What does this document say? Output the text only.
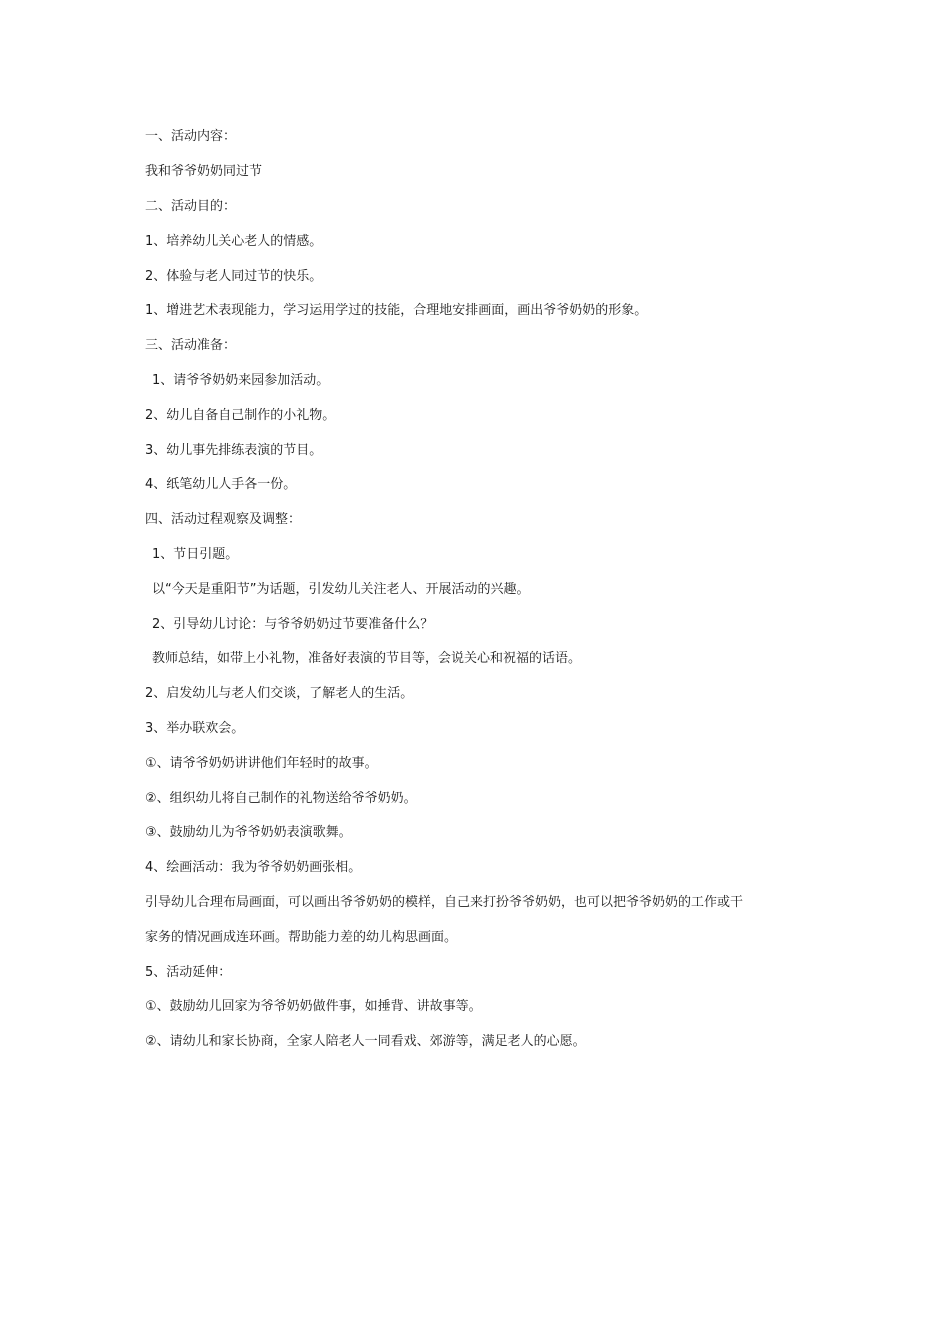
一、活动内容：

我和爷爷奶奶同过节

二、活动目的：

1、培养幼儿关心老人的情感。

2、体验与老人同过节的快乐。

1、增进艺术表现能力，学习运用学过的技能，合理地安排画面，画出爷爷奶奶的形象。

三、活动准备：

1、请爷爷奶奶来园参加活动。

2、幼儿自备自己制作的小礼物。

3、幼儿事先排练表演的节目。

4、纸笔幼儿人手各一份。

四、活动过程观察及调整：

1、节日引题。

以“今天是重阳节”为话题，引发幼儿关注老人、开展活动的兴趣。

2、引导幼儿讨论：与爷爷奶奶过节要准备什么？

教师总结，如带上小礼物，准备好表演的节目等，会说关心和祝福的话语。

2、启发幼儿与老人们交谈，了解老人的生活。

3、举办联欢会。

①、请爷爷奶奶讲讲他们年轻时的故事。

②、组织幼儿将自己制作的礼物送给爷爷奶奶。

③、鼓励幼儿为爷爷奶奶表演歌舞。

4、绘画活动：我为爷爷奶奶画张相。

引导幼儿合理布局画面，可以画出爷爷奶奶的模样，自己来打扮爷爷奶奶，也可以把爷爷奶奶的工作或干

家务的情况画成连环画。帮助能力差的幼儿构思画面。

5、活动延伸：

①、鼓励幼儿回家为爷爷奶奶做件事，如捶背、讲故事等。

②、请幼儿和家长协商，全家人陪老人一同看戏、郊游等，满足老人的心愿。
